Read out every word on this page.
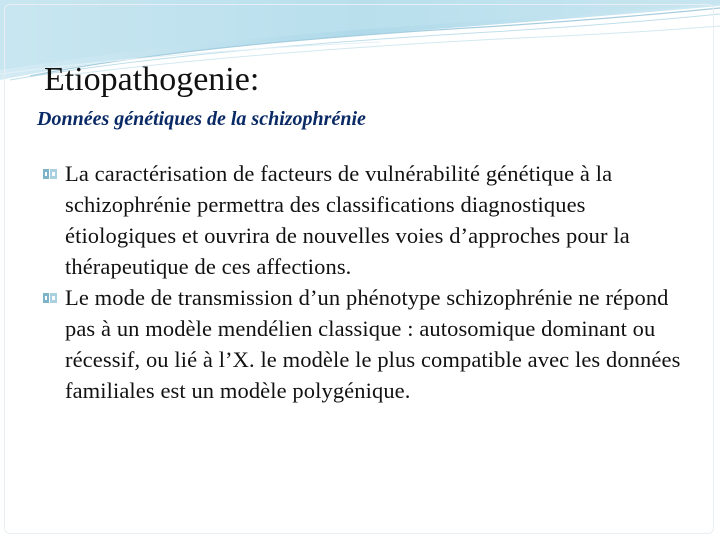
Etiopathogenie:
Données génétiques de la schizophrénie
La caractérisation de facteurs de vulnérabilité génétique à la schizophrénie permettra des classifications diagnostiques étiologiques et ouvrira de nouvelles voies d’approches pour la thérapeutique de ces affections.
Le mode de transmission d’un phénotype schizophrénie ne répond pas à un modèle mendélien classique : autosomique dominant ou récessif, ou lié à l’X. le modèle le plus compatible avec les données familiales est un modèle polygénique.
